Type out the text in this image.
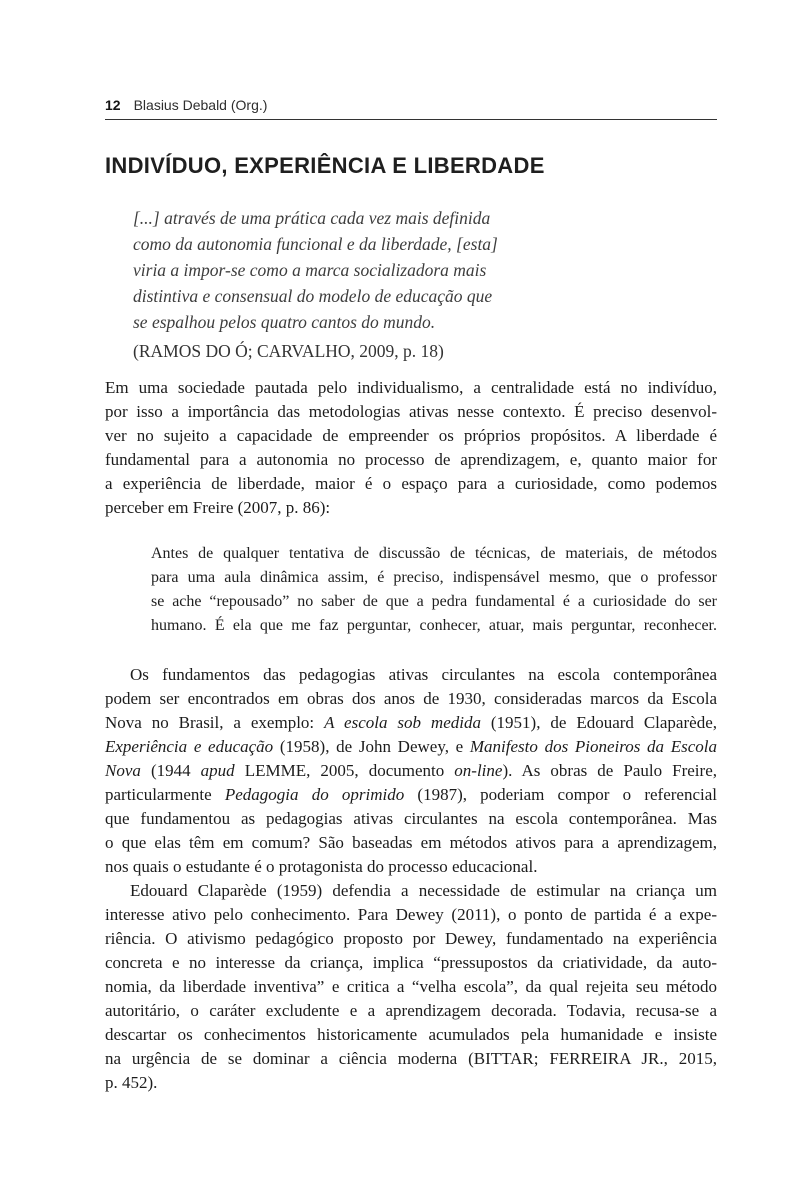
12 Blasius Debald (Org.)
INDIVÍDUO, EXPERIÊNCIA E LIBERDADE
[...] através de uma prática cada vez mais definida
como da autonomia funcional e da liberdade, [esta]
viria a impor-se como a marca socializadora mais
distintiva e consensual do modelo de educação que
se espalhou pelos quatro cantos do mundo.
(RAMOS DO Ó; CARVALHO, 2009, p. 18)
Em uma sociedade pautada pelo individualismo, a centralidade está no indivíduo,
por isso a importância das metodologias ativas nesse contexto. É preciso desenvol-
ver no sujeito a capacidade de empreender os próprios propósitos. A liberdade é
fundamental para a autonomia no processo de aprendizagem, e, quanto maior for
a experiência de liberdade, maior é o espaço para a curiosidade, como podemos
perceber em Freire (2007, p. 86):
Antes de qualquer tentativa de discussão de técnicas, de materiais, de métodos
para uma aula dinâmica assim, é preciso, indispensável mesmo, que o professor
se ache “repousado” no saber de que a pedra fundamental é a curiosidade do ser
humano. É ela que me faz perguntar, conhecer, atuar, mais perguntar, reconhecer.
Os fundamentos das pedagogias ativas circulantes na escola contemporânea
podem ser encontrados em obras dos anos de 1930, consideradas marcos da Escola
Nova no Brasil, a exemplo: A escola sob medida (1951), de Edouard Claparède,
Experiência e educação (1958), de John Dewey, e Manifesto dos Pioneiros da Escola
Nova (1944 apud LEMME, 2005, documento on-line). As obras de Paulo Freire,
particularmente Pedagogia do oprimido (1987), poderiam compor o referencial
que fundamentou as pedagogias ativas circulantes na escola contemporânea. Mas
o que elas têm em comum? São baseadas em métodos ativos para a aprendizagem,
nos quais o estudante é o protagonista do processo educacional.
Edouard Claparède (1959) defendia a necessidade de estimular na criança um
interesse ativo pelo conhecimento. Para Dewey (2011), o ponto de partida é a expe-
riência. O ativismo pedagógico proposto por Dewey, fundamentado na experiência
concreta e no interesse da criança, implica “pressupostos da criatividade, da auto-
nomia, da liberdade inventiva” e critica a “velha escola”, da qual rejeita seu método
autoritário, o caráter excludente e a aprendizagem decorada. Todavia, recusa-se a
descartar os conhecimentos historicamente acumulados pela humanidade e insiste
na urgência de se dominar a ciência moderna (BITTAR; FERREIRA JR., 2015,
p. 452).
